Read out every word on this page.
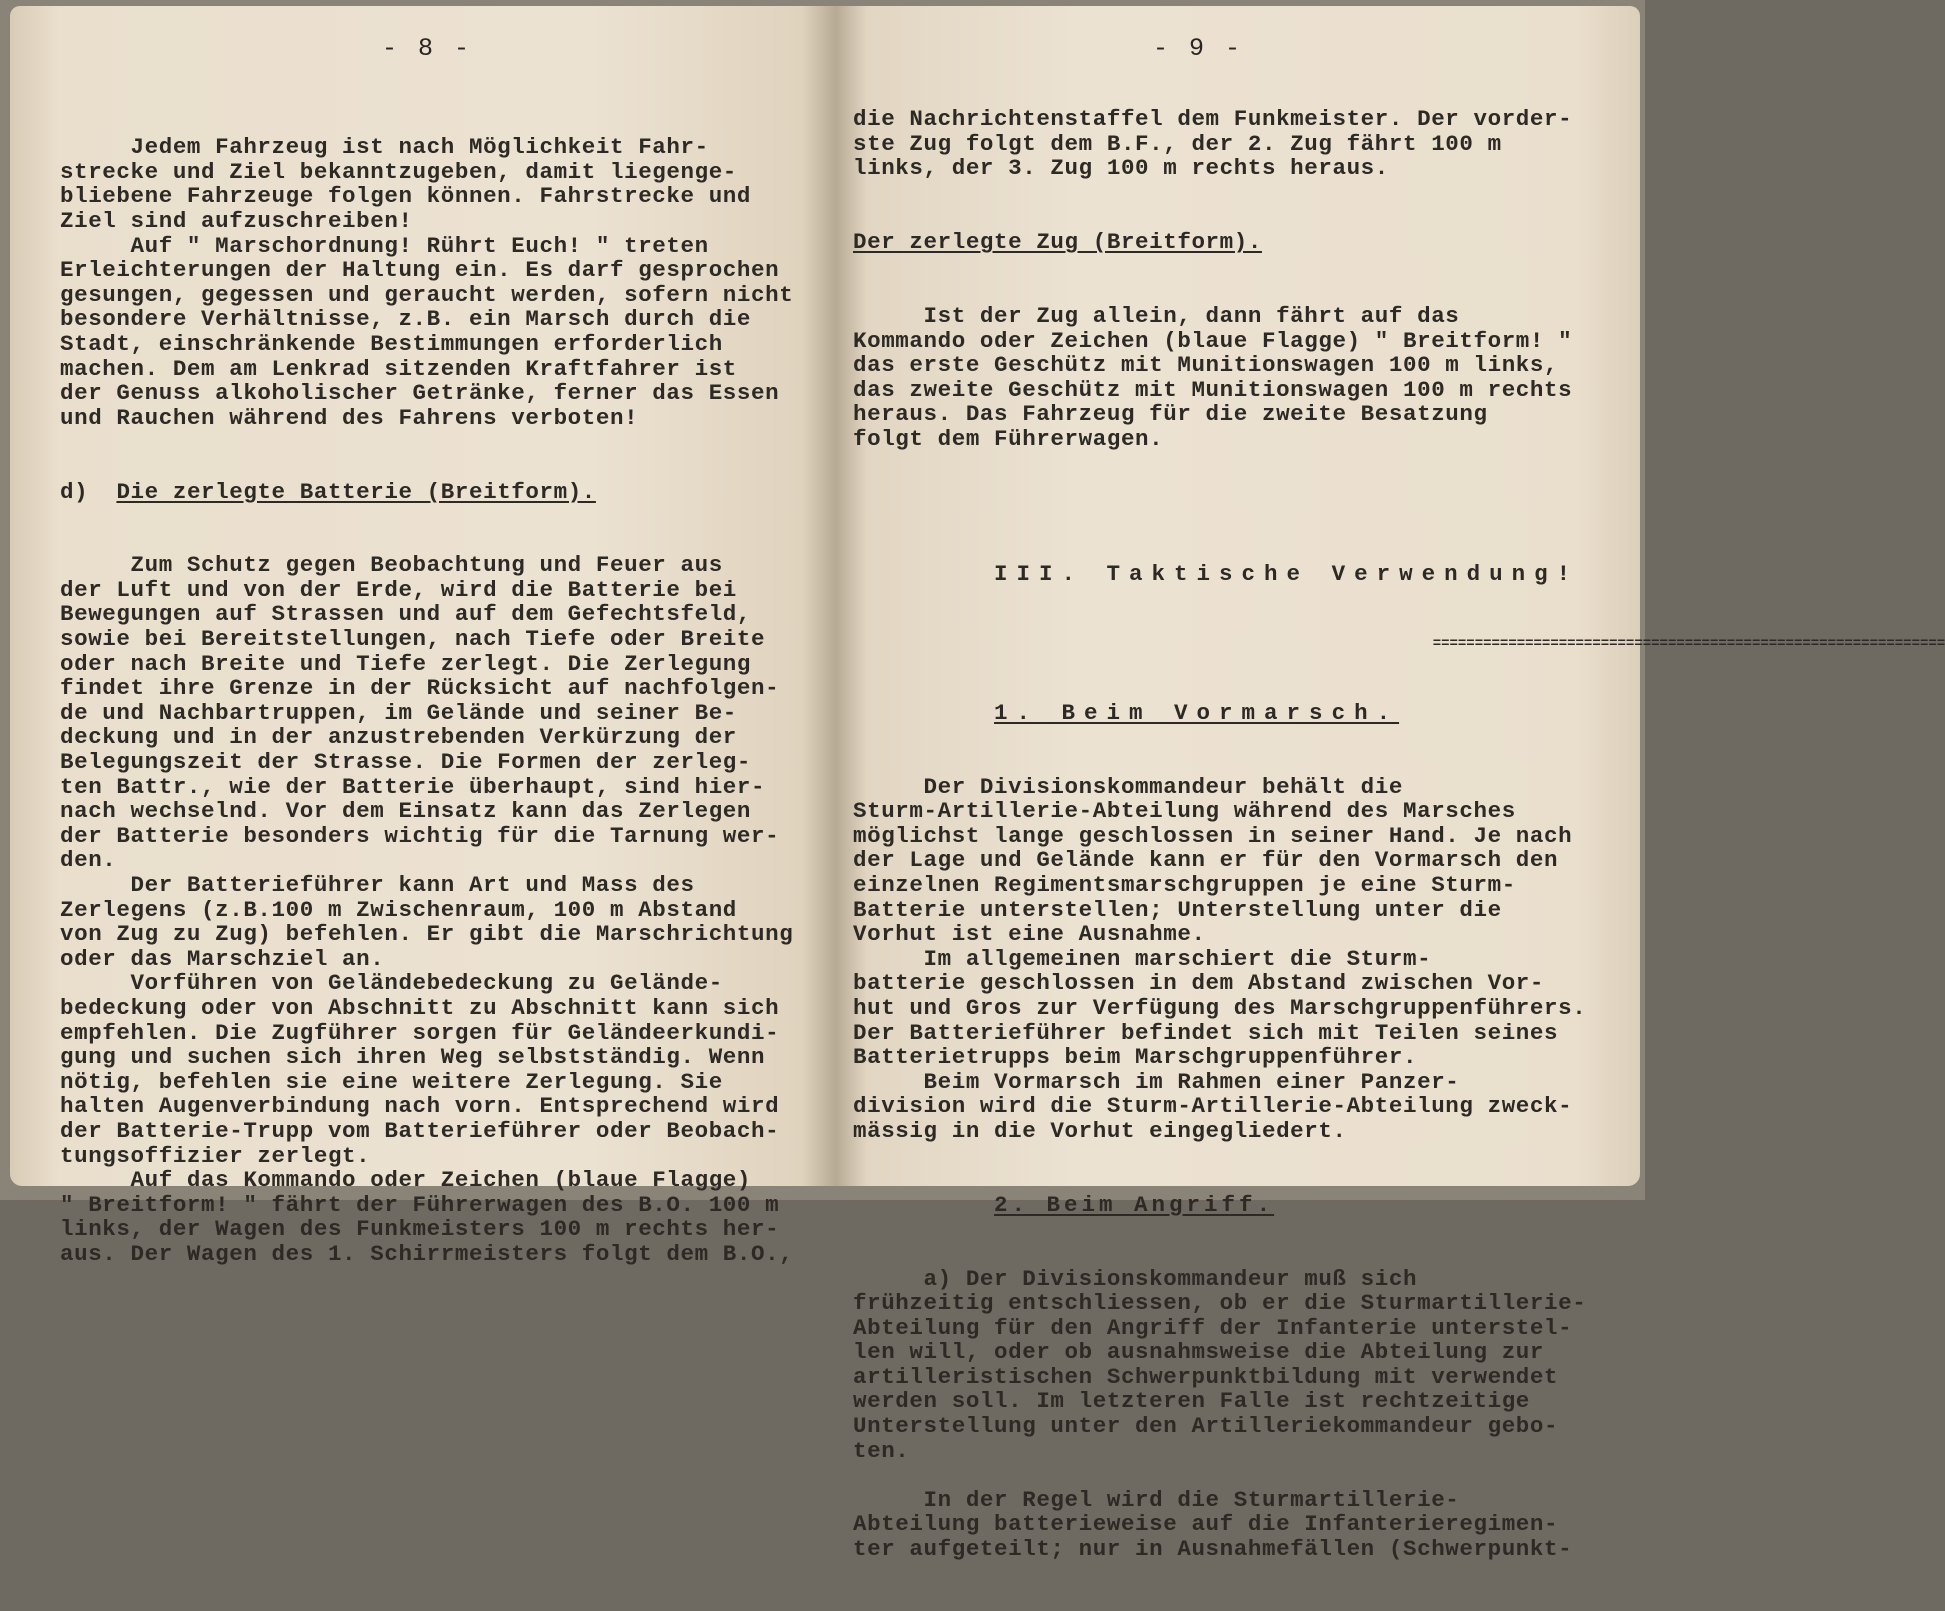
- 8 -

Jedem Fahrzeug ist nach Möglichkeit Fahr-
strecke und Ziel bekanntzugeben, damit liegenge-
bliebene Fahrzeuge folgen können. Fahrstrecke und
Ziel sind aufzuschreiben!
Auf " Marschordnung! Rührt Euch! " treten
Erleichterungen der Haltung ein. Es darf gesprochen
gesungen, gegessen und geraucht werden, sofern nicht
besondere Verhältnisse, z.B. ein Marsch durch die
Stadt, einschränkende Bestimmungen erforderlich
machen. Dem am Lenkrad sitzenden Kraftfahrer ist
der Genuss alkoholischer Getränke, ferner das Essen
und Rauchen während des Fahrens verboten!

d) Die zerlegte Batterie (Breitform).

Zum Schutz gegen Beobachtung und Feuer aus
der Luft und von der Erde, wird die Batterie bei
Bewegungen auf Strassen und auf dem Gefechtsfeld,
sowie bei Bereitstellungen, nach Tiefe oder Breite
oder nach Breite und Tiefe zerlegt. Die Zerlegung
findet ihre Grenze in der Rücksicht auf nachfolgen-
de und Nachbartruppen, im Gelände und seiner Be-
deckung und in der anzustrebenden Verkürzung der
Belegungszeit der Strasse. Die Formen der zerleg-
ten Battr., wie der Batterie überhaupt, sind hier-
nach wechselnd. Vor dem Einsatz kann das Zerlegen
der Batterie besonders wichtig für die Tarnung wer-
den.
Der Batterieführer kann Art und Mass des
Zerlegens (z.B.100 m Zwischenraum, 100 m Abstand
von Zug zu Zug) befehlen. Er gibt die Marschrichtung
oder das Marschziel an.
Vorführen von Geländebedeckung zu Gelände-
bedeckung oder von Abschnitt zu Abschnitt kann sich
empfehlen. Die Zugführer sorgen für Geländeerkundi-
gung und suchen sich ihren Weg selbstständig. Wenn
nötig, befehlen sie eine weitere Zerlegung. Sie
halten Augenverbindung nach vorn. Entsprechend wird
der Batterie-Trupp vom Batterieführer oder Beobach-
tungsoffizier zerlegt.
Auf das Kommando oder Zeichen (blaue Flagge)
" Breitform! " fährt der Führerwagen des B.O. 100 m
links, der Wagen des Funkmeisters 100 m rechts her-
aus. Der Wagen des 1. Schirrmeisters folgt dem B.O.,

- 9 -

die Nachrichtenstaffel dem Funkmeister. Der vorder-
ste Zug folgt dem B.F., der 2. Zug fährt 100 m
links, der 3. Zug 100 m rechts heraus.

Der zerlegte Zug (Breitform).

Ist der Zug allein, dann fährt auf das
Kommando oder Zeichen (blaue Flagge) " Breitform! "
das erste Geschütz mit Munitionswagen 100 m links,
das zweite Geschütz mit Munitionswagen 100 m rechts
heraus. Das Fahrzeug für die zweite Besatzung
folgt dem Führerwagen.

III. Taktische Verwendung!

=============================================================

1. Beim Vormarsch.

Der Divisionskommandeur behält die
Sturm-Artillerie-Abteilung während des Marsches
möglichst lange geschlossen in seiner Hand. Je nach
der Lage und Gelände kann er für den Vormarsch den
einzelnen Regimentsmarschgruppen je eine Sturm-
Batterie unterstellen; Unterstellung unter die
Vorhut ist eine Ausnahme.
Im allgemeinen marschiert die Sturm-
batterie geschlossen in dem Abstand zwischen Vor-
hut und Gros zur Verfügung des Marschgruppenführers.
Der Batterieführer befindet sich mit Teilen seines
Batterietrupps beim Marschgruppenführer.
Beim Vormarsch im Rahmen einer Panzer-
division wird die Sturm-Artillerie-Abteilung zweck-
mässig in die Vorhut eingegliedert.

2. Beim Angriff.

a) Der Divisionskommandeur muß sich
frühzeitig entschliessen, ob er die Sturmartillerie-
Abteilung für den Angriff der Infanterie unterstel-
len will, oder ob ausnahmsweise die Abteilung zur
artilleristischen Schwerpunktbildung mit verwendet
werden soll. Im letzteren Falle ist rechtzeitige
Unterstellung unter den Artilleriekommandeur gebo-
ten.
In der Regel wird die Sturmartillerie-
Abteilung batterieweise auf die Infanterieregimen-
ter aufgeteilt; nur in Ausnahmefällen (Schwerpunkt-
